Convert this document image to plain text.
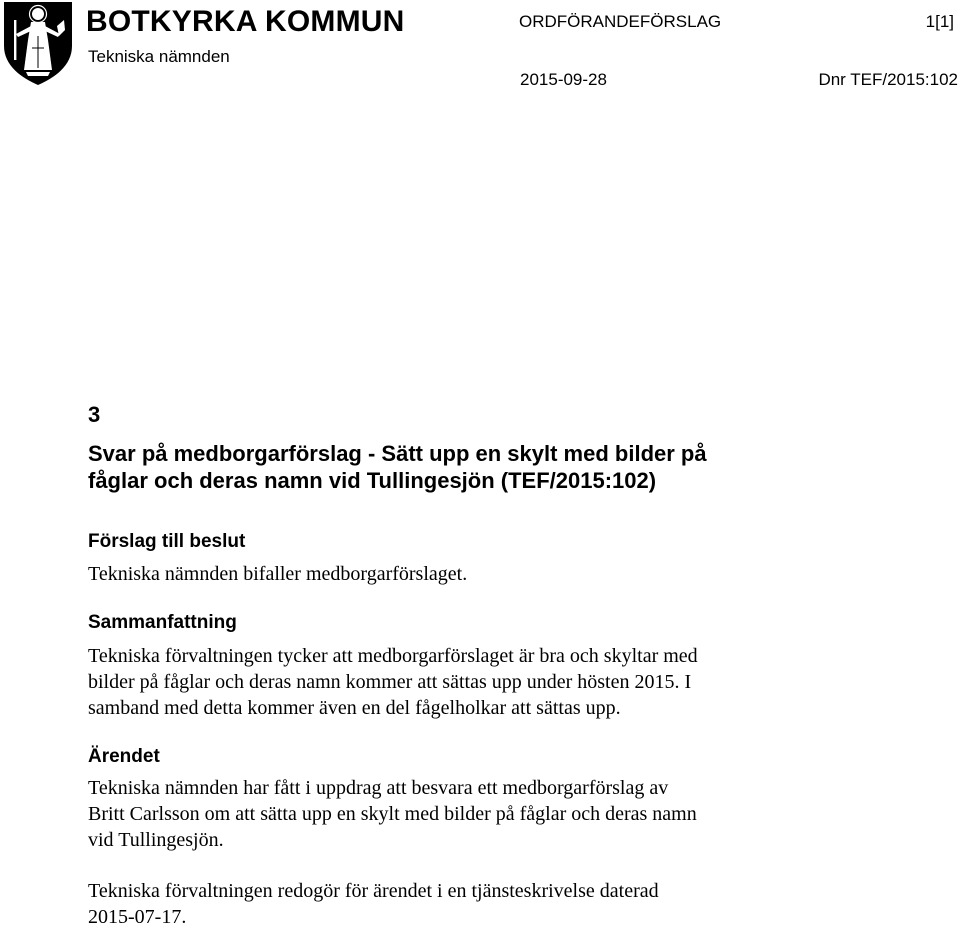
BOTKYRKA KOMMUN
Tekniska nämnden
ORDFÖRANDEFÖRSLAG	1[1]
2015-09-28	Dnr TEF/2015:102
3
Svar på medborgarförslag - Sätt upp en skylt med bilder på
fåglar och deras namn vid Tullingesjön (TEF/2015:102)
Förslag till beslut
Tekniska nämnden bifaller medborgarförslaget.
Sammanfattning
Tekniska förvaltningen tycker att medborgarförslaget är bra och skyltar med
bilder på fåglar och deras namn kommer att sättas upp under hösten 2015. I
samband med detta kommer även en del fågelholkar att sättas upp.
Ärendet
Tekniska nämnden har fått i uppdrag att besvara ett medborgarförslag av
Britt Carlsson om att sätta upp en skylt med bilder på fåglar och deras namn
vid Tullingesjön.
Tekniska förvaltningen redogör för ärendet i en tjänsteskrivelse daterad
2015-07-17.
